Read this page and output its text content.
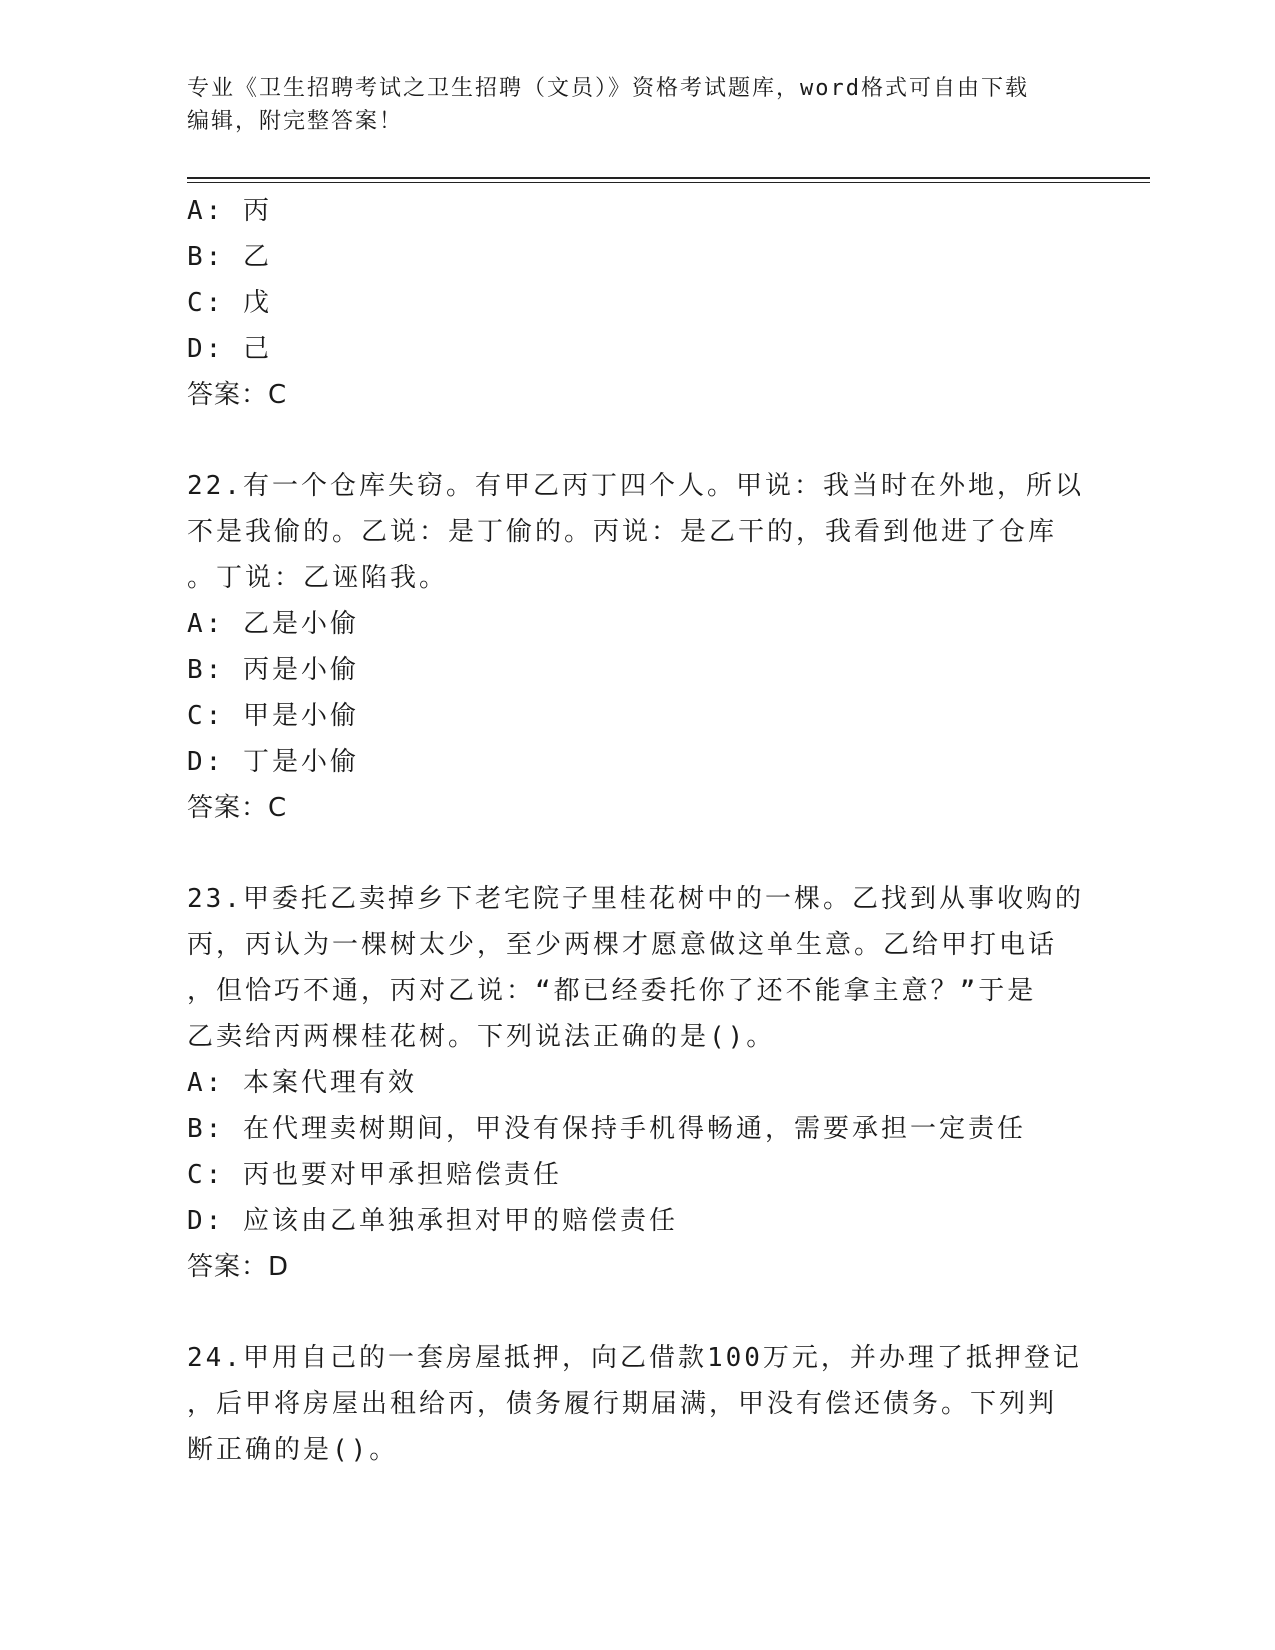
专业《卫生招聘考试之卫生招聘（文员）》资格考试题库，word格式可自由下载
编辑，附完整答案！
A: 丙
B: 乙
C: 戊
D: 己
答案：C
22.有一个仓库失窃。有甲乙丙丁四个人。甲说：我当时在外地，所以
不是我偷的。乙说：是丁偷的。丙说：是乙干的，我看到他进了仓库
。丁说：乙诬陷我。
A: 乙是小偷
B: 丙是小偷
C: 甲是小偷
D: 丁是小偷
答案：C
23.甲委托乙卖掉乡下老宅院子里桂花树中的一棵。乙找到从事收购的
丙，丙认为一棵树太少，至少两棵才愿意做这单生意。乙给甲打电话
，但恰巧不通，丙对乙说：“都已经委托你了还不能拿主意？”于是
乙卖给丙两棵桂花树。下列说法正确的是()。
A: 本案代理有效
B: 在代理卖树期间，甲没有保持手机得畅通，需要承担一定责任
C: 丙也要对甲承担赔偿责任
D: 应该由乙单独承担对甲的赔偿责任
答案：D
24.甲用自己的一套房屋抵押，向乙借款100万元，并办理了抵押登记
，后甲将房屋出租给丙，债务履行期届满，甲没有偿还债务。下列判
断正确的是()。
